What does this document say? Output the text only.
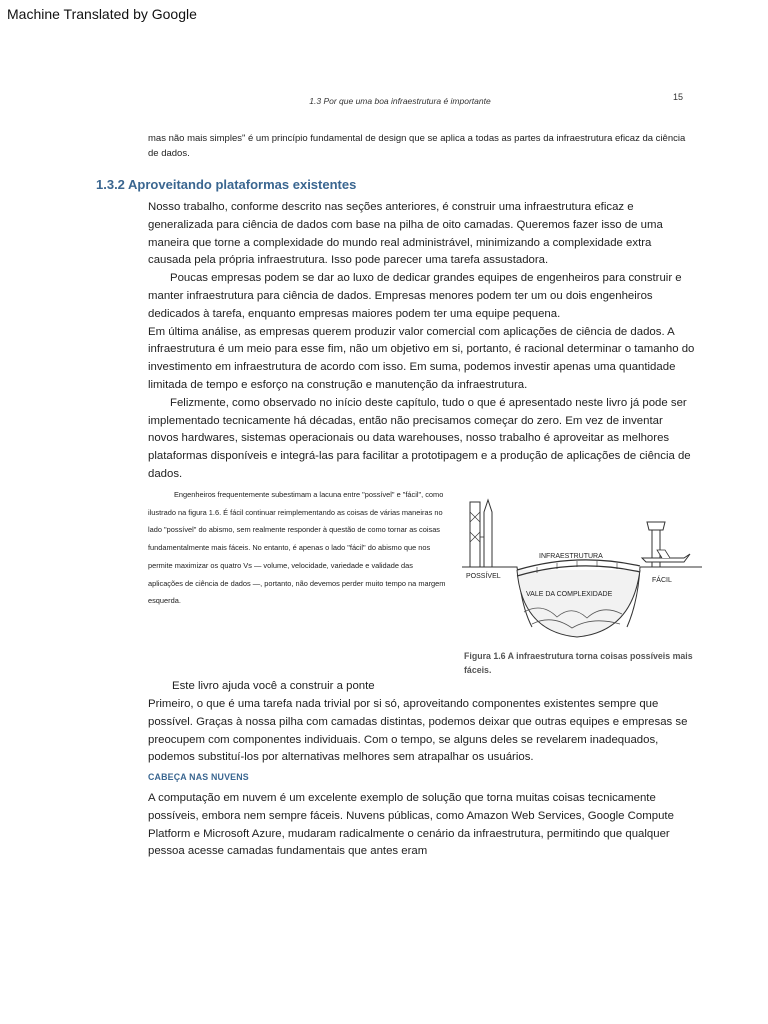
Machine Translated by Google
1.3 Por que uma boa infraestrutura é importante	15
mas não mais simples" é um princípio fundamental de design que se aplica a todas as partes da infraestrutura eficaz da ciência de dados.
1.3.2 Aproveitando plataformas existentes

Nosso trabalho, conforme descrito nas seções anteriores, é construir uma infraestrutura eficaz e generalizada para ciência de dados com base na pilha de oito camadas. Queremos fazer isso de uma maneira que torne a complexidade do mundo real administrável, minimizando a complexidade extra causada pela própria infraestrutura. Isso pode parecer uma tarefa assustadora.

Poucas empresas podem se dar ao luxo de dedicar grandes equipes de engenheiros para construir e manter infraestrutura para ciência de dados. Empresas menores podem ter um ou dois engenheiros dedicados à tarefa, enquanto empresas maiores podem ter uma equipe pequena.

Em última análise, as empresas querem produzir valor comercial com aplicações de ciência de dados. A infraestrutura é um meio para esse fim, não um objetivo em si, portanto, é racional determinar o tamanho do investimento em infraestrutura de acordo com isso. Em suma, podemos investir apenas uma quantidade limitada de tempo e esforço na construção e manutenção da infraestrutura.

Felizmente, como observado no início deste capítulo, tudo o que é apresentado neste livro já pode ser implementado tecnicamente há décadas, então não precisamos começar do zero. Em vez de inventar novos hardwares, sistemas operacionais ou data warehouses, nosso trabalho é aproveitar as melhores plataformas disponíveis e integrá-las para facilitar a prototipagem e a produção de aplicações de ciência de dados.

Engenheiros frequentemente subestimam a lacuna entre "possível" e "fácil", como ilustrado na figura 1.6. É fácil continuar reimplementando as coisas de várias maneiras no lado "possível" do abismo, sem realmente responder à questão de como tornar as coisas fundamentalmente mais fáceis. No entanto, é apenas o lado "fácil" do abismo que nos permite maximizar os quatro Vs — volume, velocidade, variedade e validade das aplicações de ciência de dados —, portanto, não devemos perder muito tempo na margem esquerda.

INFRAESTRUTURA
POSSÍVEL
FÁCIL
VALE DA COMPLEXIDADE
Figura 1.6 A infraestrutura torna coisas possíveis mais fáceis.
Este livro ajuda você a construir a ponte
Primeiro, o que é uma tarefa nada trivial por si só, aproveitando componentes existentes sempre que possível. Graças à nossa pilha com camadas distintas, podemos deixar que outras equipes e empresas se preocupem com componentes individuais. Com o tempo, se alguns deles se revelarem inadequados, podemos substituí-los por alternativas melhores sem atrapalhar os usuários.
CABEÇA NAS NUVENS
A computação em nuvem é um excelente exemplo de solução que torna muitas coisas tecnicamente possíveis, embora nem sempre fáceis. Nuvens públicas, como Amazon Web Services, Google Compute Platform e Microsoft Azure, mudaram radicalmente o cenário da infraestrutura, permitindo que qualquer pessoa acesse camadas fundamentais que antes eram
